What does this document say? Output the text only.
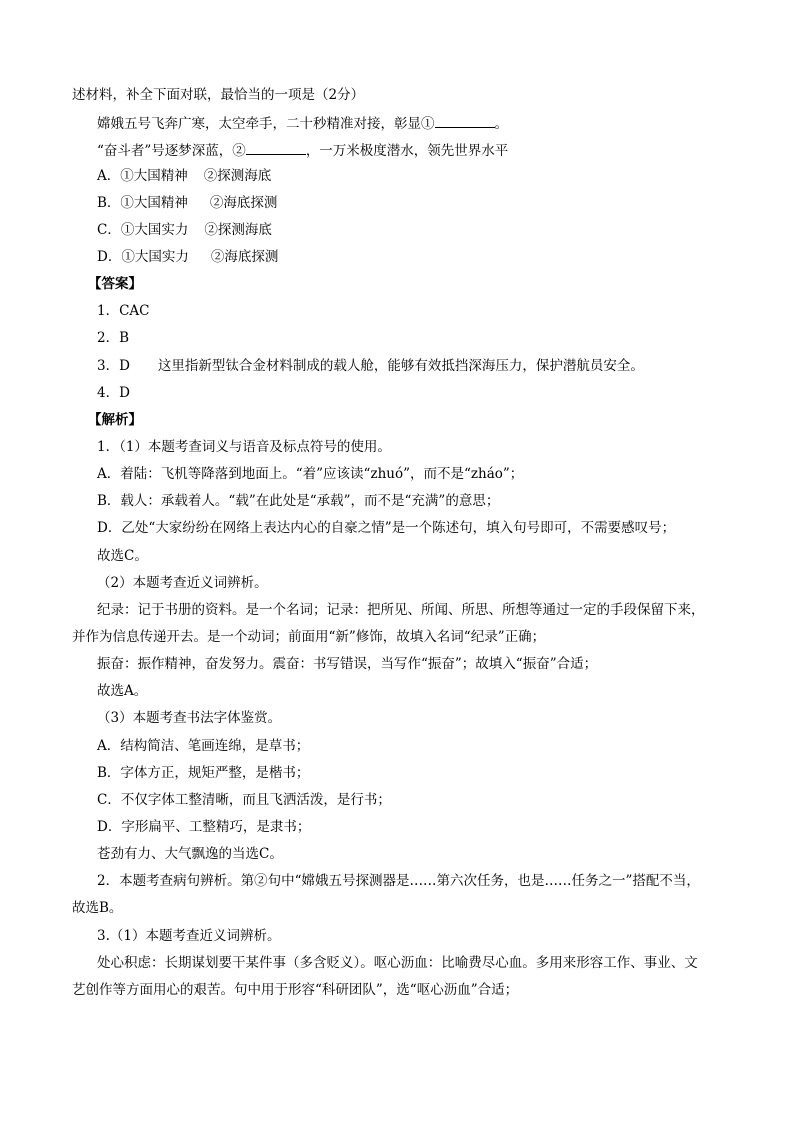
述材料，补全下面对联，最恰当的一项是（2分）
嫦娥五号飞奔广寒，太空牵手，二十秒精准对接，彰显①	。
“奋斗者”号逐梦深蓝，②	，一万米极度潜水，领先世界水平
A．①大国精神 ②探测海底
B．①大国精神 ②海底探测
C．①大国实力 ②探测海底
D．①大国实力 ②海底探测
【答案】
1．CAC
2．B
3．D 这里指新型钛合金材料制成的载人舱，能够有效抵挡深海压力，保护潜航员安全。
4．D
【解析】
1．（1）本题考查词义与语音及标点符号的使用。
A．着陆：飞机等降落到地面上。“着”应该读“zhuó”，而不是“zháo”；
B．载人：承载着人。“载”在此处是“承载”，而不是“充满”的意思；
D．乙处“大家纷纷在网络上表达内心的自豪之情”是一个陈述句，填入句号即可，不需要感叹号；
故选C。
（2）本题考查近义词辨析。
纪录：记于书册的资料。是一个名词；记录：把所见、所闻、所思、所想等通过一定的手段保留下来，
并作为信息传递开去。是一个动词；前面用“新”修饰，故填入名词“纪录”正确；
振奋：振作精神，奋发努力。震奋：书写错误，当写作“振奋”；故填入“振奋”合适；
故选A。
（3）本题考查书法字体鉴赏。
A．结构简洁、笔画连绵，是草书；
B．字体方正，规矩严整，是楷书；
C．不仅字体工整清晰，而且飞洒活泼，是行书；
D．字形扁平、工整精巧，是隶书；
苍劲有力、大气飘逸的当选C。
2．本题考查病句辨析。第②句中“嫦娥五号探测器是……第六次任务，也是……任务之一”搭配不当，
故选B。
3.（1）本题考查近义词辨析。
处心积虑：长期谋划要干某件事（多含贬义）。呕心沥血：比喻费尽心血。多用来形容工作、事业、文
艺创作等方面用心的艰苦。句中用于形容“科研团队”，选“呕心沥血”合适；
